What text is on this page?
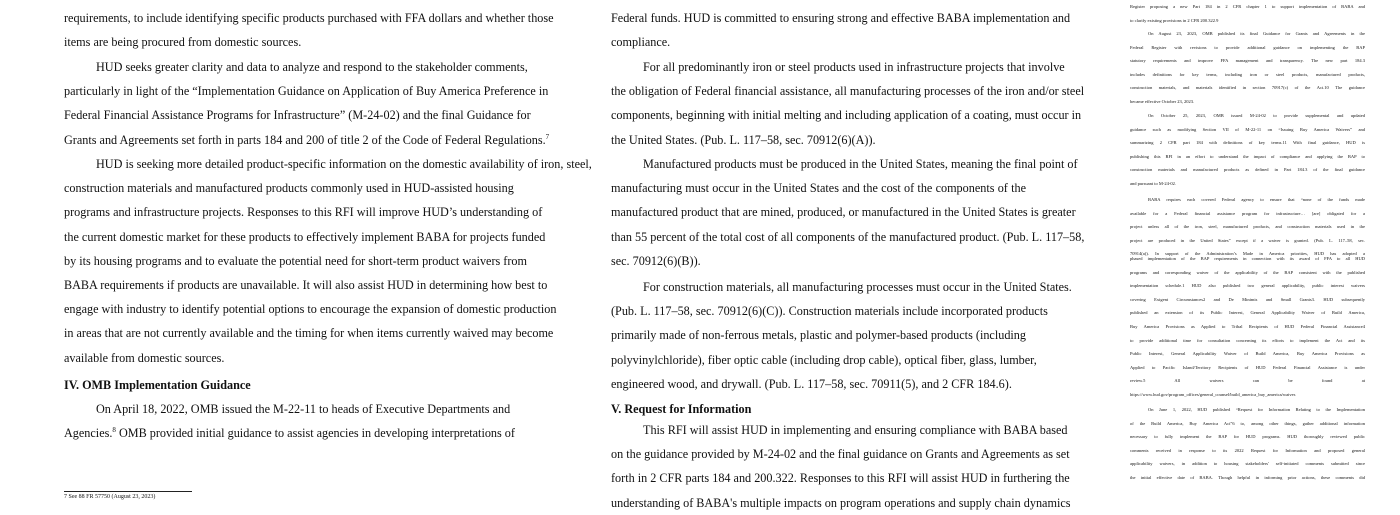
requirements, to include identifying specific products purchased with FFA dollars and whether those
items are being procured from domestic sources.
HUD seeks greater clarity and data to analyze and respond to the stakeholder comments,
particularly in light of the “Implementation Guidance on Application of Buy America Preference in
Federal Financial Assistance Programs for Infrastructure” (M-24-02) and the final Guidance for
Grants and Agreements set forth in parts 184 and 200 of title 2 of the Code of Federal Regulations.$^7$
HUD is seeking more detailed product-specific information on the domestic availability of iron, steel,
construction materials and manufactured products commonly used in HUD-assisted housing
programs and infrastructure projects. Responses to this RFI will improve HUD’s understanding of
the current domestic market for these products to effectively implement BABA for projects funded
by its housing programs and to evaluate the potential need for short-term product waivers from
BABA requirements if products are unavailable. It will also assist HUD in determining how best to
engage with industry to identify potential options to encourage the expansion of domestic production
in areas that are not currently available and the timing for when items currently waived may become
available from domestic sources.
IV. OMB Implementation Guidance
On April 18, 2022, OMB issued the M-22-11 to heads of Executive Departments and
Agencies.$^8$ OMB provided initial guidance to assist agencies in developing interpretations of
7 See 88 FR 57750 (August 23, 2023)
Federal funds. HUD is committed to ensuring strong and effective BABA implementation and
compliance.
For all predominantly iron or steel products used in infrastructure projects that involve
the obligation of Federal financial assistance, all manufacturing processes of the iron and/or steel
components, beginning with initial melting and including application of a coating, must occur in
the United States. (Pub. L. 117–58, sec. 70912(6)(A)).
Manufactured products must be produced in the United States, meaning the final point of
manufacturing must occur in the United States and the cost of the components of the
manufactured product that are mined, produced, or manufactured in the United States is greater
than 55 percent of the total cost of all components of the manufactured product. (Pub. L. 117–58,
sec. 70912(6)(B)).
For construction materials, all manufacturing processes must occur in the United States.
(Pub. L. 117–58, sec. 70912(6)(C)). Construction materials include incorporated products
primarily made of non-ferrous metals, plastic and polymer-based products (including
polyvinylchloride), fiber optic cable (including drop cable), optical fiber, glass, lumber,
engineered wood, and drywall. (Pub. L. 117–58, sec. 70911(5), and 2 CFR 184.6).
V. Request for Information
This RFI will assist HUD in implementing and ensuring compliance with BABA based
on the guidance provided by M-24-02 and the final guidance on Grants and Agreements as set
forth in 2 CFR parts 184 and 200.322. Responses to this RFI will assist HUD in furthering the
understanding of BABA's multiple impacts on program operations and supply chain dynamics
Register proposing a new Part 184 in 2 CFR chapter 1 to support implementation of BABA and
to clarify existing provisions in 2 CFR 200.322.9
On August 23, 2023, OMB published its final Guidance for Grants and Agreements in the
Federal Register with revisions to provide additional guidance on implementing the BAP
statutory requirements and improve FFA management and transparency. The new part 184.3
includes definitions for key terms, including iron or steel products, manufactured products,
construction materials, and materials identified in section 70917(c) of the Act.10 The guidance
became effective October 23, 2023.
On October 25, 2023, OMB issued M-24-02 to provide supplemental and updated
guidance such as modifying Section VII of M-22-11 on “Issuing Buy America Waivers” and
summarizing 2 CFR part 184 with definitions of key terms.11 With final guidance, HUD is
publishing this RFI in an effort to understand the impact of compliance and applying the BAP to
construction materials and manufactured products as defined in Part 184.3 of the final guidance
and pursuant to M-24-02.
BABA requires each covered Federal agency to ensure that “none of the funds made
available for a Federal financial assistance program for infrastructure… [are] obligated for a
project unless all of the iron, steel, manufactured products, and construction materials used in the
project are produced in the United States” except if a waiver is granted. (Pub. L. 117–58, sec.
70914(a)). In support of the Administration’s Made in America priorities, HUD has adopted a
phased implementation of the BAP requirements in connection with its award of FFA to all HUD
programs and corresponding waiver of the applicability of the BAP consistent with the published
implementation schedule.1 HUD also published two general applicability, public interest waivers
covering Exigent Circumstances2 and De Minimis and Small Grants3. HUD subsequently
published an extension of its Public Interest, General Applicability Waiver of Build America,
Buy America Provisions as Applied to Tribal Recipients of HUD Federal Financial Assistance4
to provide additional time for consultation concerning its efforts to implement the Act and its
Public Interest, General Applicability Waiver of Build America, Buy America Provisions as
Applied to Pacific Island/Territory Recipients of HUD Federal Financial Assistance is under
review.5 All waivers can be found at
https://www.hud.gov/program_offices/general_counsel/build_america_buy_america/waiver.
On June 1, 2022, HUD published “Request for Information Relating to the Implementation
of the Build America, Buy America Act”6 to, among other things, gather additional information
necessary to fully implement the BAP for HUD programs. HUD thoroughly reviewed public
comments received in response to its 2022 Request for Information and proposed general
applicability waivers, in addition to housing stakeholders' self-initiated comments submitted since
the initial effective date of BABA. Though helpful in informing prior actions, these comments did
